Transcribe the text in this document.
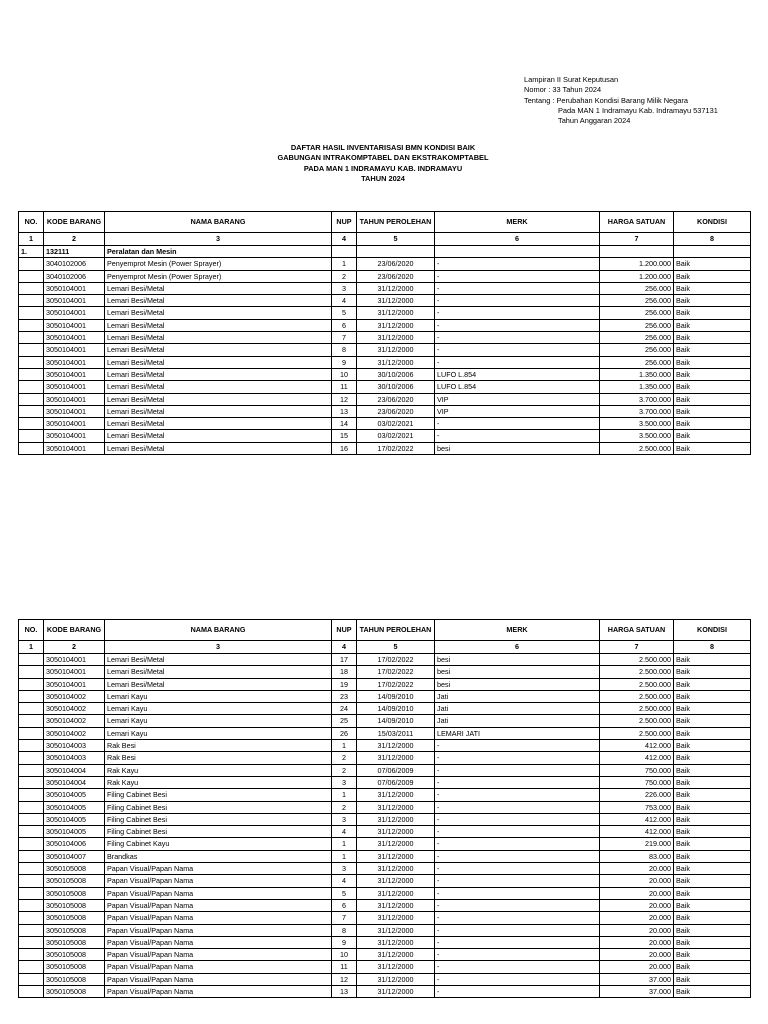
Lampiran II Surat Keputusan
Nomor : 33 Tahun 2024
Tentang : Perubahan Kondisi Barang Milik Negara
Pada MAN 1 Indramayu Kab. Indramayu 537131
Tahun Anggaran 2024
DAFTAR HASIL INVENTARISASI BMN KONDISI BAIK
GABUNGAN INTRAKOMPTABEL DAN EKSTRAKOMPTABEL
PADA MAN 1 INDRAMAYU KAB. INDRAMAYU
TAHUN 2024
NO.	KODE BARANG	NAMA BARANG	NUP	TAHUN PEROLEHAN	MERK	HARGA SATUAN	KONDISI
1	2	3	4	5	6	7	8
1.	132111	Peralatan dan Mesin					
	3040102006	Penyemprot Mesin (Power Sprayer)	1	23/06/2020	-	1.200.000	Baik
	3040102006	Penyemprot Mesin (Power Sprayer)	2	23/06/2020	-	1.200.000	Baik
	3050104001	Lemari Besi/Metal	3	31/12/2000	-	256.000	Baik
	3050104001	Lemari Besi/Metal	4	31/12/2000	-	256.000	Baik
	3050104001	Lemari Besi/Metal	5	31/12/2000	-	256.000	Baik
	3050104001	Lemari Besi/Metal	6	31/12/2000	-	256.000	Baik
	3050104001	Lemari Besi/Metal	7	31/12/2000	-	256.000	Baik
	3050104001	Lemari Besi/Metal	8	31/12/2000	-	256.000	Baik
	3050104001	Lemari Besi/Metal	9	31/12/2000	-	256.000	Baik
	3050104001	Lemari Besi/Metal	10	30/10/2006	LUFO L.854	1.350.000	Baik
	3050104001	Lemari Besi/Metal	11	30/10/2006	LUFO L.854	1.350.000	Baik
	3050104001	Lemari Besi/Metal	12	23/06/2020	VIP	3.700.000	Baik
	3050104001	Lemari Besi/Metal	13	23/06/2020	VIP	3.700.000	Baik
	3050104001	Lemari Besi/Metal	14	03/02/2021	-	3.500.000	Baik
	3050104001	Lemari Besi/Metal	15	03/02/2021	-	3.500.000	Baik
	3050104001	Lemari Besi/Metal	16	17/02/2022	besi	2.500.000	Baik
NO.	KODE BARANG	NAMA BARANG	NUP	TAHUN PEROLEHAN	MERK	HARGA SATUAN	KONDISI
1	2	3	4	5	6	7	8
	3050104001	Lemari Besi/Metal	17	17/02/2022	besi	2.500.000	Baik
	3050104001	Lemari Besi/Metal	18	17/02/2022	besi	2.500.000	Baik
	3050104001	Lemari Besi/Metal	19	17/02/2022	besi	2.500.000	Baik
	3050104002	Lemari Kayu	23	14/09/2010	Jati	2.500.000	Baik
	3050104002	Lemari Kayu	24	14/09/2010	Jati	2.500.000	Baik
	3050104002	Lemari Kayu	25	14/09/2010	Jati	2.500.000	Baik
	3050104002	Lemari Kayu	26	15/03/2011	LEMARI JATI	2.500.000	Baik
	3050104003	Rak Besi	1	31/12/2000	-	412.000	Baik
	3050104003	Rak Besi	2	31/12/2000	-	412.000	Baik
	3050104004	Rak Kayu	2	07/06/2009	-	750.000	Baik
	3050104004	Rak Kayu	3	07/06/2009	-	750.000	Baik
	3050104005	Filing Cabinet Besi	1	31/12/2000	-	226.000	Baik
	3050104005	Filing Cabinet Besi	2	31/12/2000	-	753.000	Baik
	3050104005	Filing Cabinet Besi	3	31/12/2000	-	412.000	Baik
	3050104005	Filing Cabinet Besi	4	31/12/2000	-	412.000	Baik
	3050104006	Filing Cabinet Kayu	1	31/12/2000	-	219.000	Baik
	3050104007	Brandkas	1	31/12/2000	-	83.000	Baik
	3050105008	Papan Visual/Papan Nama	3	31/12/2000	-	20.000	Baik
	3050105008	Papan Visual/Papan Nama	4	31/12/2000	-	20.000	Baik
	3050105008	Papan Visual/Papan Nama	5	31/12/2000	-	20.000	Baik
	3050105008	Papan Visual/Papan Nama	6	31/12/2000	-	20.000	Baik
	3050105008	Papan Visual/Papan Nama	7	31/12/2000	-	20.000	Baik
	3050105008	Papan Visual/Papan Nama	8	31/12/2000	-	20.000	Baik
	3050105008	Papan Visual/Papan Nama	9	31/12/2000	-	20.000	Baik
	3050105008	Papan Visual/Papan Nama	10	31/12/2000	-	20.000	Baik
	3050105008	Papan Visual/Papan Nama	11	31/12/2000	-	20.000	Baik
	3050105008	Papan Visual/Papan Nama	12	31/12/2000	-	37.000	Baik
	3050105008	Papan Visual/Papan Nama	13	31/12/2000	-	37.000	Baik
